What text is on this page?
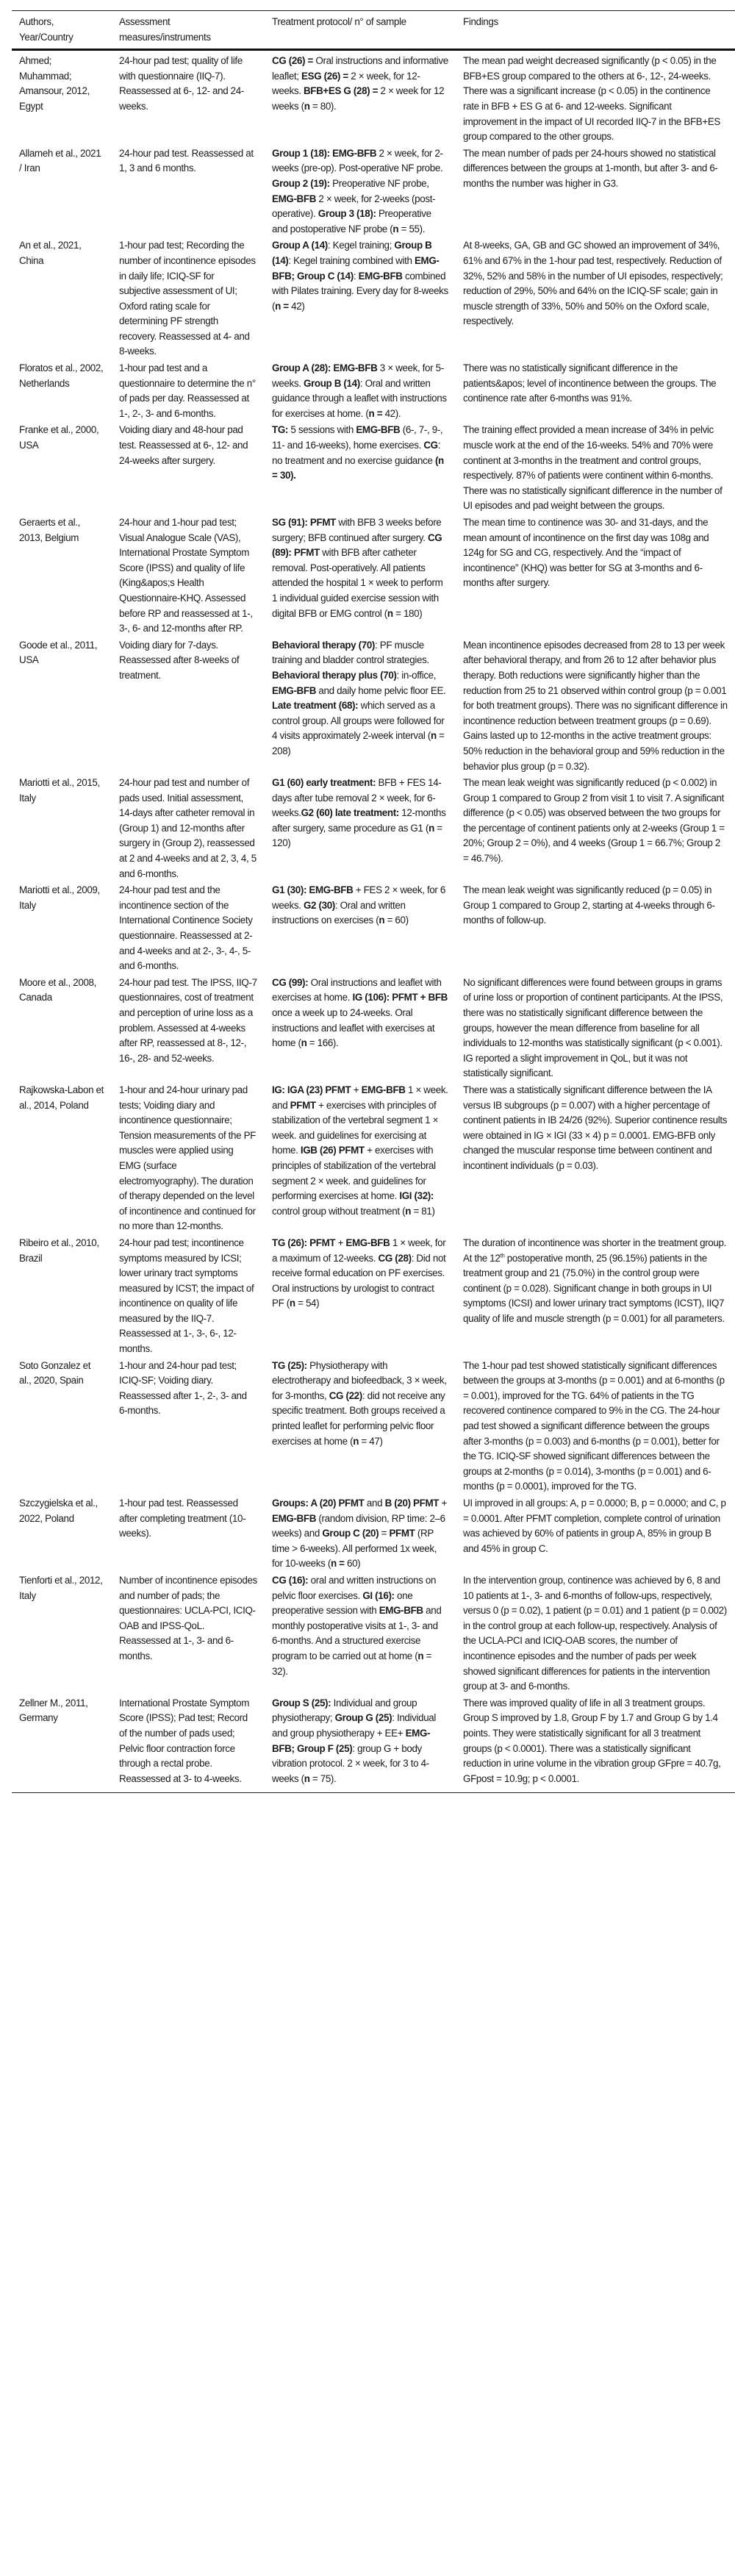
Authors, Year/Country	Assessment measures/instruments	Treatment protocol/ n° of sample	Findings
Ahmed; Muhammad; Amansour, 2012, Egypt	24-hour pad test; quality of life with questionnaire (IIQ-7). Reassessed at 6-, 12- and 24-weeks.	CG (26) = Oral instructions and informative leaflet; ESG (26) = 2 × week, for 12-weeks. BFB+ES G (28) = 2 × week for 12 weeks (n = 80).	The mean pad weight decreased significantly (p < 0.05) in the BFB+ES group compared to the others at 6-, 12-, 24-weeks. There was a significant increase (p < 0.05) in the continence rate in BFB + ES G at 6- and 12-weeks. Significant improvement in the impact of UI recorded IIQ-7 in the BFB+ES group compared to the other groups.
Allameh et al., 2021 / Iran	24-hour pad test. Reassessed at 1, 3 and 6 months.	Group 1 (18): EMG-BFB 2 × week, for 2-weeks (pre-op). Post-operative NF probe. Group 2 (19): Preoperative NF probe, EMG-BFB 2 × week, for 2-weeks (post-operative). Group 3 (18): Preoperative and postoperative NF probe (n = 55).	The mean number of pads per 24-hours showed no statistical differences between the groups at 1-month, but after 3- and 6-months the number was higher in G3.
An et al., 2021, China	1-hour pad test; Recording the number of incontinence episodes in daily life; ICIQ-SF for subjective assessment of UI; Oxford rating scale for determining PF strength recovery. Reassessed at 4- and 8-weeks.	Group A (14): Kegel training; Group B (14): Kegel training combined with EMG-BFB; Group C (14): EMG-BFB combined with Pilates training. Every day for 8-weeks (n = 42)	At 8-weeks, GA, GB and GC showed an improvement of 34%, 61% and 67% in the 1-hour pad test, respectively. Reduction of 32%, 52% and 58% in the number of UI episodes, respectively; reduction of 29%, 50% and 64% on the ICIQ-SF scale; gain in muscle strength of 33%, 50% and 50% on the Oxford scale, respectively.
Floratos et al., 2002, Netherlands	1-hour pad test and a questionnaire to determine the n° of pads per day. Reassessed at 1-, 2-, 3- and 6-months.	Group A (28): EMG-BFB 3 × week, for 5-weeks. Group B (14): Oral and written guidance through a leaflet with instructions for exercises at home. (n = 42).	There was no statistically significant difference in the patients&apos; level of incontinence between the groups. The continence rate after 6-months was 91%.
Franke et al., 2000, USA	Voiding diary and 48-hour pad test. Reassessed at 6-, 12- and 24-weeks after surgery.	TG: 5 sessions with EMG-BFB (6-, 7-, 9-, 11- and 16-weeks), home exercises. CG: no treatment and no exercise guidance (n = 30).	The training effect provided a mean increase of 34% in pelvic muscle work at the end of the 16-weeks. 54% and 70% were continent at 3-months in the treatment and control groups, respectively. 87% of patients were continent within 6-months. There was no statistically significant difference in the number of UI episodes and pad weight between the groups.
Geraerts et al., 2013, Belgium	24-hour and 1-hour pad test; Visual Analogue Scale (VAS), International Prostate Symptom Score (IPSS) and quality of life (King&apos;s Health Questionnaire-KHQ. Assessed before RP and reassessed at 1-, 3-, 6- and 12-months after RP.	SG (91): PFMT with BFB 3 weeks before surgery; BFB continued after surgery. CG (89): PFMT with BFB after catheter removal. Post-operatively. All patients attended the hospital 1 × week to perform 1 individual guided exercise session with digital BFB or EMG control (n = 180)	The mean time to continence was 30- and 31-days, and the mean amount of incontinence on the first day was 108g and 124g for SG and CG, respectively. And the “impact of incontinence” (KHQ) was better for SG at 3-months and 6-months after surgery.
Goode et al., 2011, USA	Voiding diary for 7-days. Reassessed after 8-weeks of treatment.	Behavioral therapy (70): PF muscle training and bladder control strategies. Behavioral therapy plus (70): in-office, EMG-BFB and daily home pelvic floor EE. Late treatment (68): which served as a control group. All groups were followed for 4 visits approximately 2-week interval (n = 208)	Mean incontinence episodes decreased from 28 to 13 per week after behavioral therapy, and from 26 to 12 after behavior plus therapy. Both reductions were significantly higher than the reduction from 25 to 21 observed within control group (p = 0.001 for both treatment groups). There was no significant difference in incontinence reduction between treatment groups (p = 0.69). Gains lasted up to 12-months in the active treatment groups: 50% reduction in the behavioral group and 59% reduction in the behavior plus group (p = 0.32).
Mariotti et al., 2015, Italy	24-hour pad test and number of pads used. Initial assessment, 14-days after catheter removal in (Group 1) and 12-months after surgery in (Group 2), reassessed at 2 and 4-weeks and at 2, 3, 4, 5 and 6-months.	G1 (60) early treatment: BFB + FES 14-days after tube removal 2 × week, for 6-weeks.G2 (60) late treatment: 12-months after surgery, same procedure as G1 (n = 120)	The mean leak weight was significantly reduced (p < 0.002) in Group 1 compared to Group 2 from visit 1 to visit 7. A significant difference (p < 0.05) was observed between the two groups for the percentage of continent patients only at 2-weeks (Group 1 = 20%; Group 2 = 0%), and 4 weeks (Group 1 = 66.7%; Group 2 = 46.7%).
Mariotti et al., 2009, Italy	24-hour pad test and the incontinence section of the International Continence Society questionnaire. Reassessed at 2- and 4-weeks and at 2-, 3-, 4-, 5- and 6-months.	G1 (30): EMG-BFB + FES 2 × week, for 6 weeks. G2 (30): Oral and written instructions on exercises (n = 60)	The mean leak weight was significantly reduced (p = 0.05) in Group 1 compared to Group 2, starting at 4-weeks through 6-months of follow-up.
Moore et al., 2008, Canada	24-hour pad test. The IPSS, IIQ-7 questionnaires, cost of treatment and perception of urine loss as a problem. Assessed at 4-weeks after RP, reassessed at 8-, 12-, 16-, 28- and 52-weeks.	CG (99): Oral instructions and leaflet with exercises at home. IG (106): PFMT + BFB once a week up to 24-weeks. Oral instructions and leaflet with exercises at home (n = 166).	No significant differences were found between groups in grams of urine loss or proportion of continent participants. At the IPSS, there was no statistically significant difference between the groups, however the mean difference from baseline for all individuals to 12-months was statistically significant (p < 0.001). IG reported a slight improvement in QoL, but it was not statistically significant.
Rajkowska-Labon et al., 2014, Poland	1-hour and 24-hour urinary pad tests; Voiding diary and incontinence questionnaire; Tension measurements of the PF muscles were applied using EMG (surface electromyography). The duration of therapy depended on the level of incontinence and continued for no more than 12-months.	IG: IGA (23) PFMT + EMG-BFB 1 × week. and PFMT + exercises with principles of stabilization of the vertebral segment 1 × week. and guidelines for exercising at home. IGB (26) PFMT + exercises with principles of stabilization of the vertebral segment 2 × week. and guidelines for performing exercises at home. IGI (32): control group without treatment (n = 81)	There was a statistically significant difference between the IA versus IB subgroups (p = 0.007) with a higher percentage of continent patients in IB 24/26 (92%). Superior continence results were obtained in IG × IGI (33 × 4) p = 0.0001. EMG-BFB only changed the muscular response time between continent and incontinent individuals (p = 0.03).
Ribeiro et al., 2010, Brazil	24-hour pad test; incontinence symptoms measured by ICSI; lower urinary tract symptoms measured by ICST; the impact of incontinence on quality of life measured by the IIQ-7. Reassessed at 1-, 3-, 6-, 12-months.	TG (26): PFMT + EMG-BFB 1 × week, for a maximum of 12-weeks. CG (28): Did not receive formal education on PF exercises. Oral instructions by urologist to contract PF (n = 54)	The duration of incontinence was shorter in the treatment group. At the 12th postoperative month, 25 (96.15%) patients in the treatment group and 21 (75.0%) in the control group were continent (p = 0.028). Significant change in both groups in UI symptoms (ICSI) and lower urinary tract symptoms (ICST), IIQ7 quality of life and muscle strength (p = 0.001) for all parameters.
Soto Gonzalez et al., 2020, Spain	1-hour and 24-hour pad test; ICIQ-SF; Voiding diary. Reassessed after 1-, 2-, 3- and 6-months.	TG (25): Physiotherapy with electrotherapy and biofeedback, 3 × week, for 3-months, CG (22): did not receive any specific treatment. Both groups received a printed leaflet for performing pelvic floor exercises at home (n = 47)	The 1-hour pad test showed statistically significant differences between the groups at 3-months (p = 0.001) and at 6-months (p = 0.001), improved for the TG. 64% of patients in the TG recovered continence compared to 9% in the CG. The 24-hour pad test showed a significant difference between the groups after 3-months (p = 0.003) and 6-months (p = 0.001), better for the TG. ICIQ-SF showed significant differences between the groups at 2-months (p = 0.014), 3-months (p = 0.001) and 6-months (p = 0.0001), improved for the TG.
Szczygielska et al., 2022, Poland	1-hour pad test. Reassessed after completing treatment (10-weeks).	Groups: A (20) PFMT and B (20) PFMT + EMG-BFB (random division, RP time: 2–6 weeks) and Group C (20) = PFMT (RP time > 6-weeks). All performed 1x week, for 10-weeks (n = 60)	UI improved in all groups: A, p = 0.0000; B, p = 0.0000; and C, p = 0.0001. After PFMT completion, complete control of urination was achieved by 60% of patients in group A, 85% in group B and 45% in group C.
Tienforti et al., 2012, Italy	Number of incontinence episodes and number of pads; the questionnaires: UCLA-PCI, ICIQ-OAB and IPSS-QoL. Reassessed at 1-, 3- and 6-months.	CG (16): oral and written instructions on pelvic floor exercises. GI (16): one preoperative session with EMG-BFB and monthly postoperative visits at 1-, 3- and 6-months. And a structured exercise program to be carried out at home (n = 32).	In the intervention group, continence was achieved by 6, 8 and 10 patients at 1-, 3- and 6-months of follow-ups, respectively, versus 0 (p = 0.02), 1 patient (p = 0.01) and 1 patient (p = 0.002) in the control group at each follow-up, respectively. Analysis of the UCLA-PCI and ICIQ-OAB scores, the number of incontinence episodes and the number of pads per week showed significant differences for patients in the intervention group at 3- and 6-months.
Zellner M., 2011, Germany	International Prostate Symptom Score (IPSS); Pad test; Record of the number of pads used; Pelvic floor contraction force through a rectal probe. Reassessed at 3- to 4-weeks.	Group S (25): Individual and group physiotherapy; Group G (25): Individual and group physiotherapy + EE+ EMG-BFB; Group F (25): group G + body vibration protocol. 2 × week, for 3 to 4-weeks (n = 75).	There was improved quality of life in all 3 treatment groups. Group S improved by 1.8, Group F by 1.7 and Group G by 1.4 points. They were statistically significant for all 3 treatment groups (p < 0.0001). There was a statistically significant reduction in urine volume in the vibration group GFpre = 40.7g, GFpost = 10.9g; p < 0.0001.
